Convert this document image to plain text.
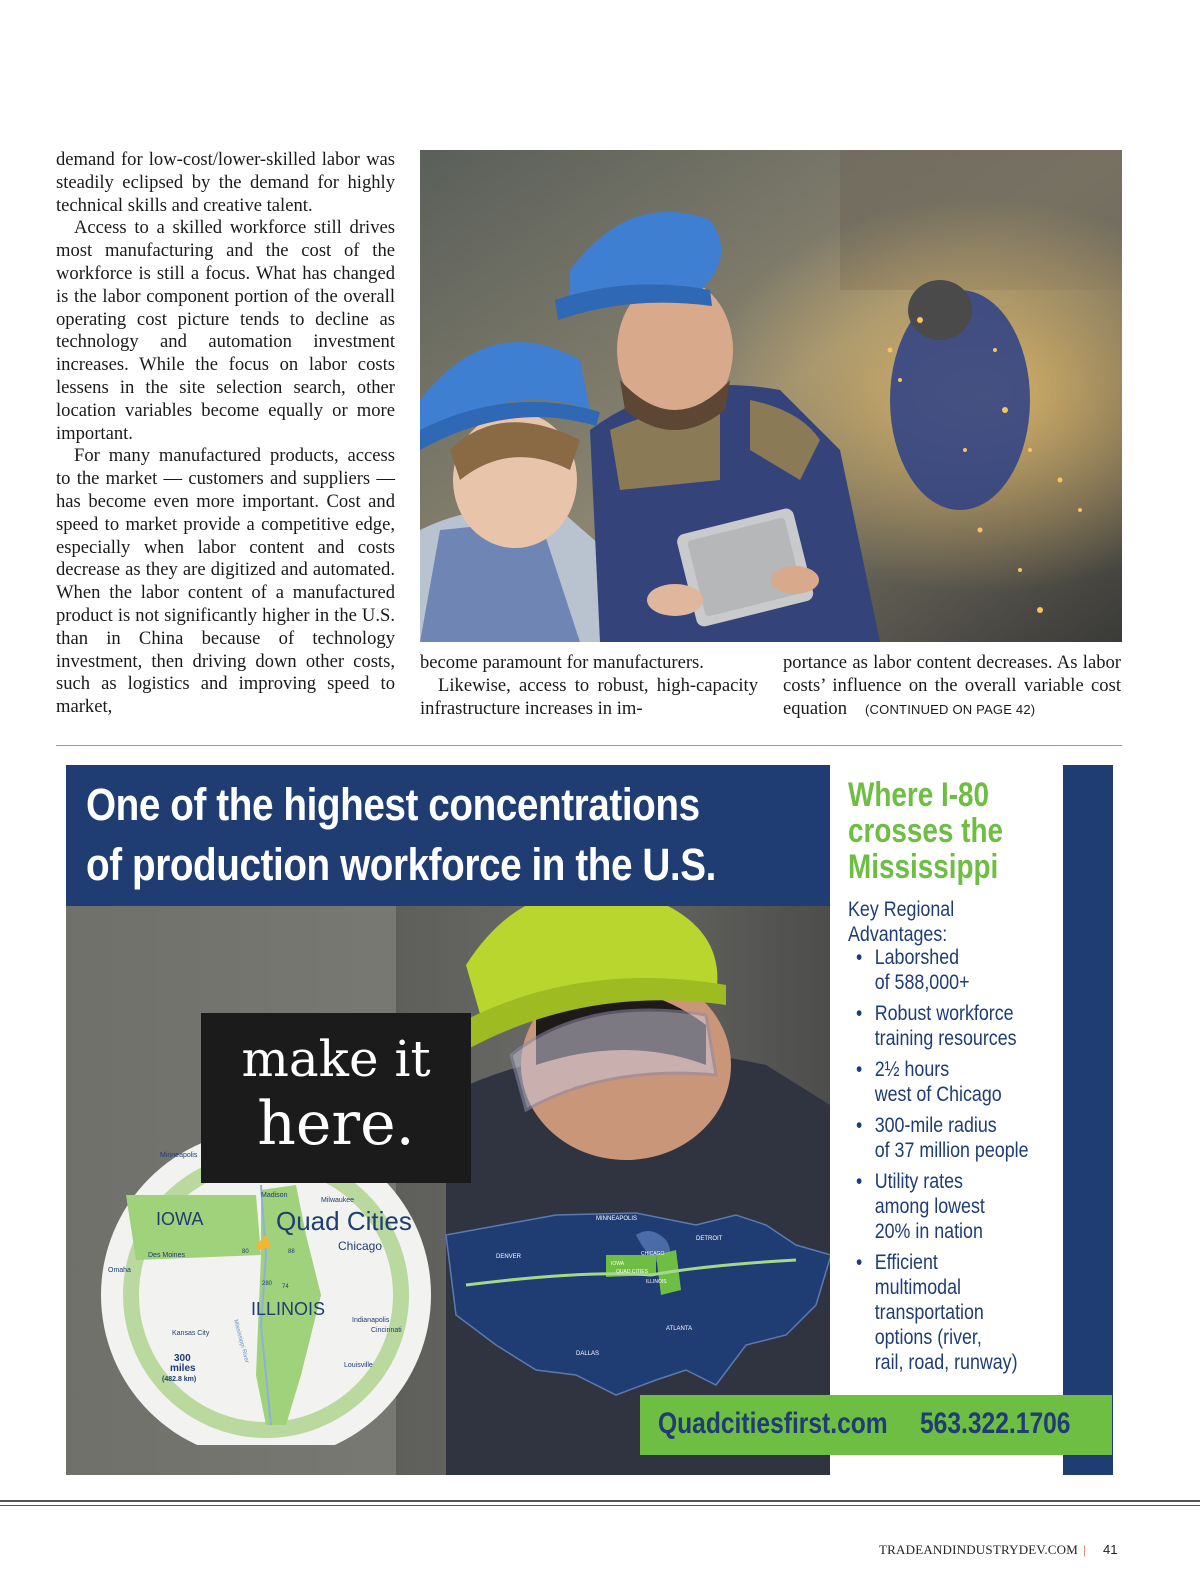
demand for low-cost/lower-skilled labor was steadily eclipsed by the demand for highly technical skills and creative talent.

Access to a skilled workforce still drives most manufacturing and the cost of the workforce is still a focus. What has changed is the labor component portion of the overall operating cost picture tends to decline as technology and automation investment increases. While the focus on labor costs lessens in the site selection search, other location variables become equally or more important.

For many manufactured products, access to the market — customers and suppliers — has become even more important. Cost and speed to market provide a competitive edge, especially when labor content and costs decrease as they are digitized and automated. When the labor content of a manufactured product is not significantly higher in the U.S. than in China because of technology investment, then driving down other costs, such as logistics and improving speed to market,

become paramount for manufacturers.

Likewise, access to robust, high-capacity infrastructure increases in im-

portance as labor content decreases. As labor costs’ influence on the overall variable cost equation (CONTINUED ON PAGE 42)
One of the highest concentrations
of production workforce in the U.S.
MINNEAPOLIS
DETROIT
DENVER
IOWA
CHICAGO
QUAD CITIES
ILLINOIS
ATLANTA
DALLAS
IOWA
ILLINOIS
Quad Cities
Minneapolis
Madison
Milwaukee
Chicago
Des Moines
Omaha
Kansas City
Indianapolis
Cincinnati
Louisville
Mississippi River
300
miles
(482.8 km)
80	88
280 74
make it
here.
Where I-80
crosses the
Mississippi
Key Regional
Advantages:
• Laborshed
of 588,000+
• Robust workforce
training resources
• 2½ hours
west of Chicago
• 300-mile radius
of 37 million people
• Utility rates
among lowest
20% in nation
• Efficient
multimodal
transportation
options (river,
rail, road, runway)
Quadcitiesfirst.com 563.322.1706
TRADEANDINDUSTRYDEV.COM | 41
